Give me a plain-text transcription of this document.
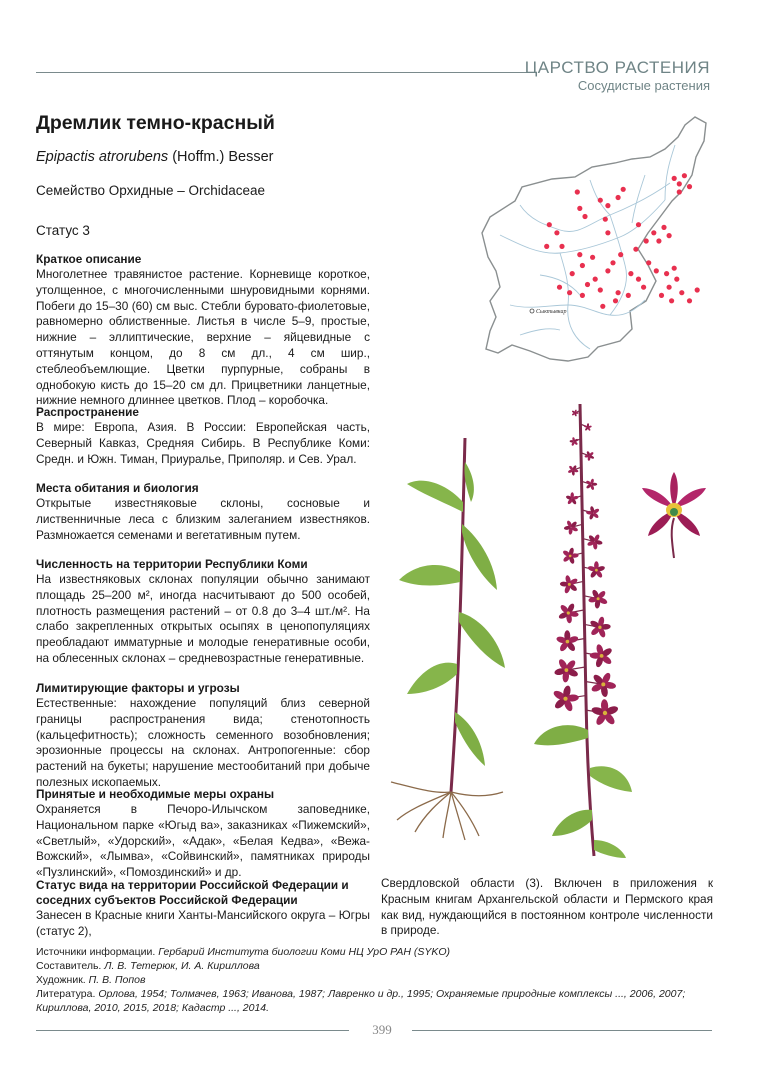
ЦАРСТВО РАСТЕНИЯ
Сосудистые растения
Дремлик темно-красный
Epipactis atrorubens (Hoffm.) Besser
Семейство Орхидные – Orchidaceae
Статус 3

Краткое описание

Многолетнее травянистое растение. Корневище короткое, утолщенное, с многочисленными шнуровидными корнями. Побеги до 15–30 (60) см выс. Стебли буровато-фиолетовые, равномерно облиственные. Листья в числе 5–9, простые, нижние – эллиптические, верхние – яйцевидные с оттянутым концом, до 8 см дл., 4 см шир., стеблеобъемлющие. Цветки пурпурные, собраны в однобокую кисть до 15–20 см дл. Прицветники ланцетные, нижние немного длиннее цветков. Плод – коробочка.

Распространение

В мире: Европа, Азия. В России: Европейская часть, Северный Кавказ, Средняя Сибирь. В Республике Коми: Средн. и Южн. Тиман, Приуралье, Приполяр. и Сев. Урал.

Места обитания и биология

Открытые известняковые склоны, сосновые и лиственничные леса с близким залеганием известняков. Размножается семенами и вегетативным путем.

Численность на территории Республики Коми

На известняковых склонах популяции обычно занимают площадь 25–200 м², иногда насчитывают до 500 особей, плотность размещения растений – от 0.8 до 3–4 шт./м². На слабо закрепленных открытых осыпях в ценопопуляциях преобладают имматурные и молодые генеративные особи, на облесенных склонах – средневозрастные генеративные.

Лимитирующие факторы и угрозы

Естественные: нахождение популяций близ северной границы распространения вида; стенотопность (кальцефитность); сложность семенного возобновления; эрозионные процессы на склонах. Антропогенные: сбор растений на букеты; нарушение местообитаний при добыче полезных ископаемых.

Принятые и необходимые меры охраны

Охраняется в Печоро-Илычском заповеднике, Национальном парке «Югыд ва», заказниках «Пижемский», «Светлый», «Удорский», «Адак», «Белая Кедва», «Вежа-Вожский», «Лымва», «Сойвинский», памятниках природы «Пузлинский», «Помоздинский» и др.

Статус вида на территории Российской Федерации и соседних субъектов Российской Федерации

Занесен в Красные книги Ханты-Мансийского округа – Югры (статус 2),

Свердловской области (3). Включен в приложения к Красным книгам Архангельской области и Пермского края как вид, нуждающийся в постоянном контроле численности в природе.
Сыктывкар
Источники информации. Гербарий Института биологии Коми НЦ УрО РАН (SYKO)
Составитель. Л. В. Тетерюк, И. А. Кириллова
Художник. П. В. Попов
Литература. Орлова, 1954; Толмачев, 1963; Иванова, 1987; Лавренко и др., 1995; Охраняемые природные комплексы ..., 2006, 2007; Кириллова, 2010, 2015, 2018; Кадастр ..., 2014.
399
